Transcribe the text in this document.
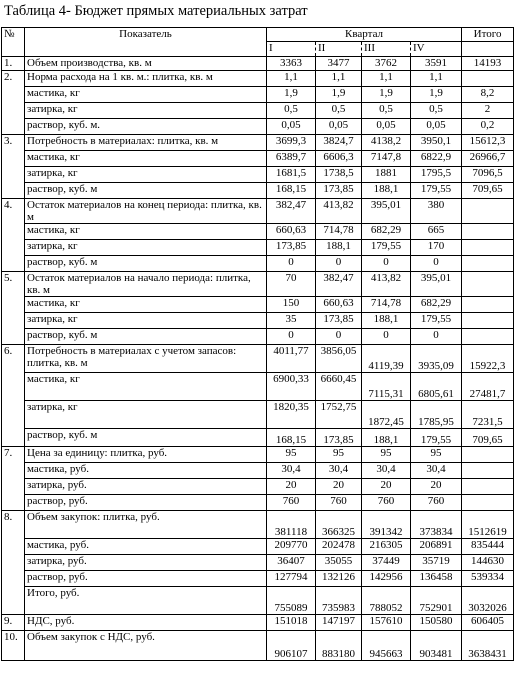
Таблица 4- Бюджет прямых материальных затрат
№	Показатель	Квартал				Итого
		I	II	III	IV	
1.	Объем производства, кв. м	3363	3477	3762	3591	14193
2.	Норма расхода на 1 кв. м.: плитка, кв. м	1,1	1,1	1,1	1,1	
	мастика, кг	1,9	1,9	1,9	1,9	8,2
	затирка, кг	0,5	0,5	0,5	0,5	2
	раствор, куб. м.	0,05	0,05	0,05	0,05	0,2
3.	Потребность в материалах: плитка, кв. м	3699,3	3824,7	4138,2	3950,1	15612,3
	мастика, кг	6389,7	6606,3	7147,8	6822,9	26966,7
	затирка, кг	1681,5	1738,5	1881	1795,5	7096,5
	раствор, куб. м	168,15	173,85	188,1	179,55	709,65
4.	Остаток материалов на конец периода: плитка, кв. м	382,47	413,82	395,01	380	
	мастика, кг	660,63	714,78	682,29	665	
	затирка, кг	173,85	188,1	179,55	170	
	раствор, куб. м	0	0	0	0	
5.	Остаток материалов на начало периода: плитка, кв. м	70	382,47	413,82	395,01	
	мастика, кг	150	660,63	714,78	682,29	
	затирка, кг	35	173,85	188,1	179,55	
	раствор, куб. м	0	0	0	0	
6.	Потребность в материалах с учетом запасов: плитка, кв. м	4011,77	3856,05	4119,39	3935,09	15922,3
	мастика, кг	6900,33	6660,45	7115,31	6805,61	27481,7
	затирка, кг	1820,35	1752,75	1872,45	1785,95	7231,5
	раствор, куб. м	168,15	173,85	188,1	179,55	709,65
7.	Цена за единицу: плитка, руб.	95	95	95	95	
	мастика, руб.	30,4	30,4	30,4	30,4	
	затирка, руб.	20	20	20	20	
	раствор, руб.	760	760	760	760	
8.	Объем закупок: плитка, руб.	381118	366325	391342	373834	1512619
	мастика, руб.	209770	202478	216305	206891	835444
	затирка, руб.	36407	35055	37449	35719	144630
	раствор, руб.	127794	132126	142956	136458	539334
	Итого, руб.	755089	735983	788052	752901	3032026
9.	НДС, руб.	151018	147197	157610	150580	606405
10.	Объем закупок с НДС, руб.	906107	883180	945663	903481	3638431
